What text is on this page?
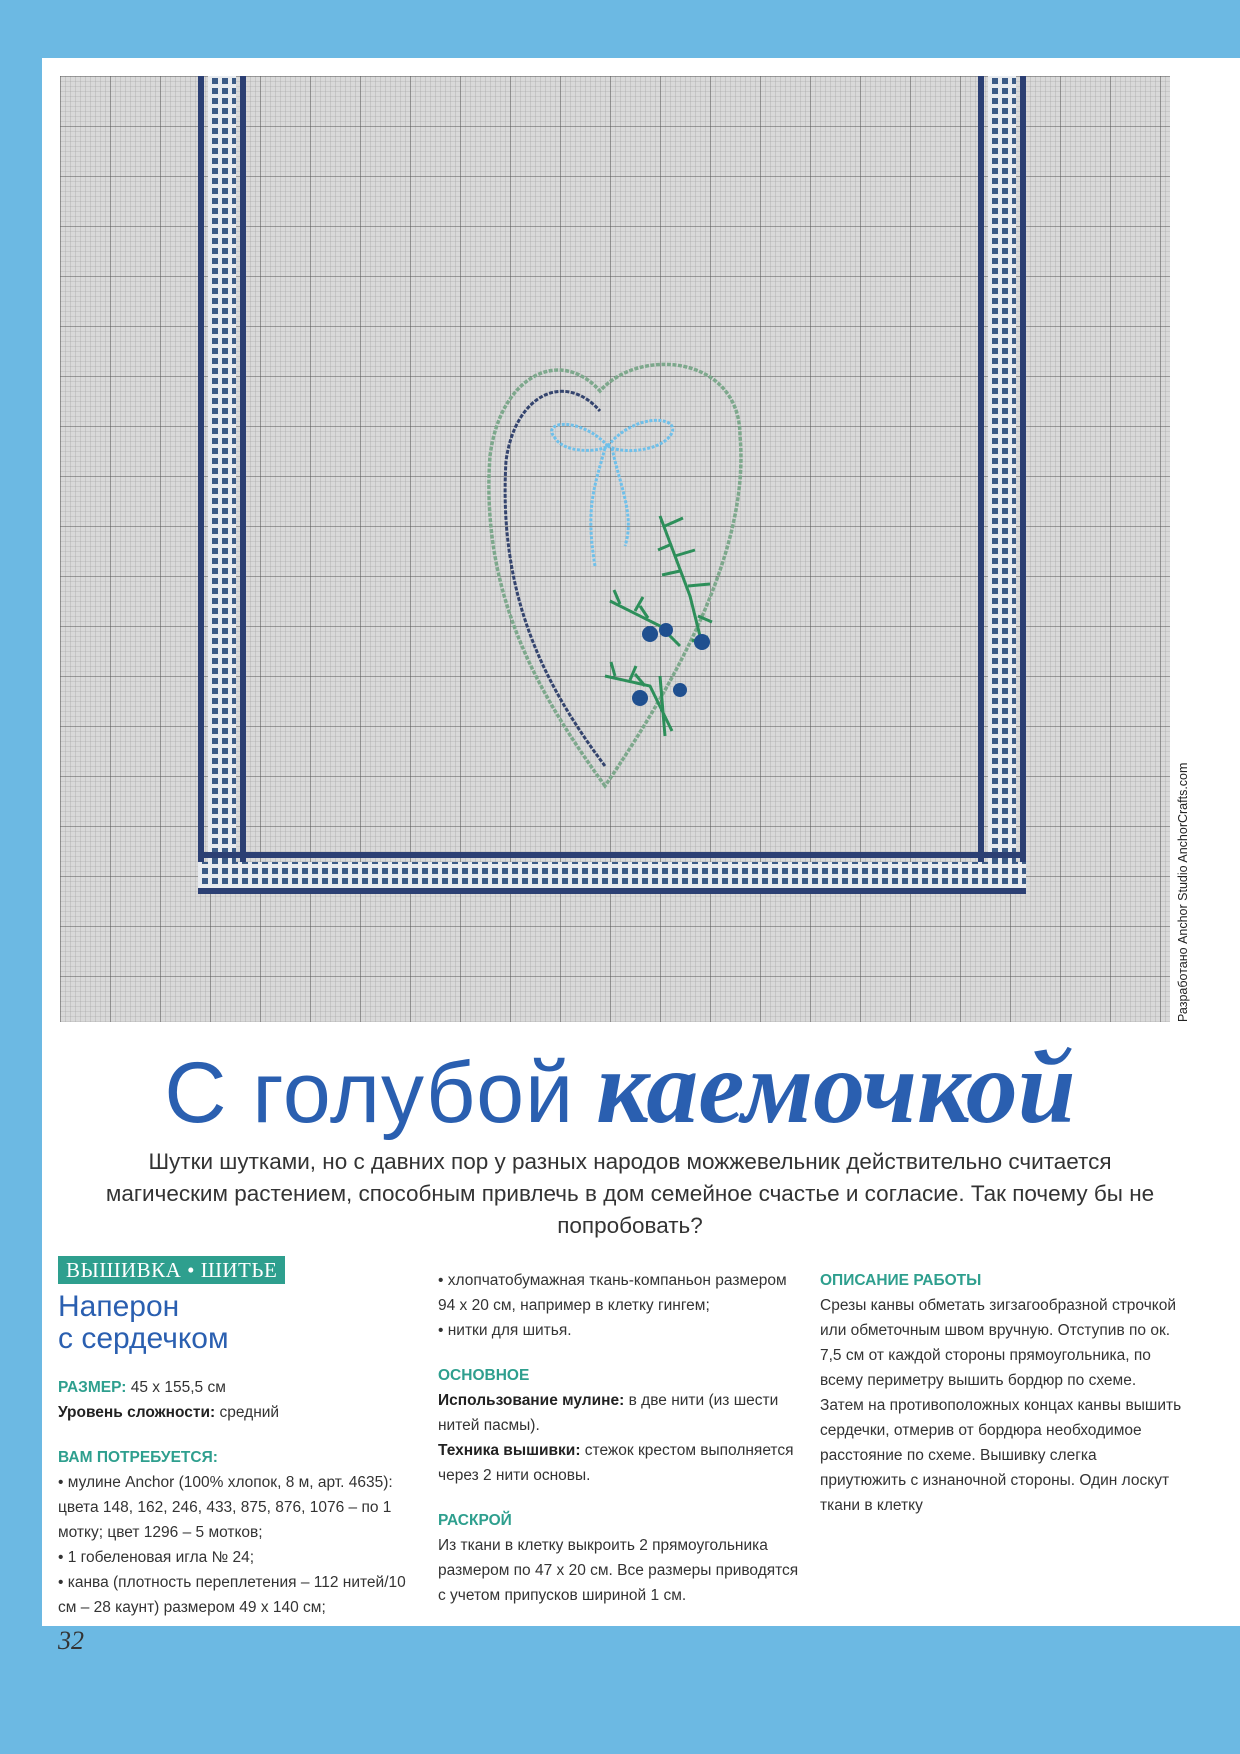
Разработано Anchor Studio AnchorCrafts.com
С голубой каемочкой
Шутки шутками, но с давних пор у разных народов можжевельник действительно считается магическим растением, способным привлечь в дом семейное счастье и согласие. Так почему бы не попробовать?
ВЫШИВКА • ШИТЬЕ
Наперон
с сердечком
РАЗМЕР: 45 x 155,5 см
Уровень сложности: средний
ВАМ ПОТРЕБУЕТСЯ:
• мулине Anchor (100% хлопок, 8 м, арт. 4635): цвета 148, 162, 246, 433, 875, 876, 1076 – по 1 мотку; цвет 1296 – 5 мотков;
• 1 гобеленовая игла № 24;
• канва (плотность переплетения – 112 нитей/10 см – 28 каунт) размером 49 x 140 см;
• хлопчатобумажная ткань-компаньон размером 94 x 20 см, например в клетку гингем;
• нитки для шитья.
ОСНОВНОЕ
Использование мулине: в две нити (из шести нитей пасмы).
Техника вышивки: стежок крестом выполняется через 2 нити основы.
РАСКРОЙ
Из ткани в клетку выкроить 2 прямоугольника размером по 47 x 20 см. Все размеры приводятся с учетом припусков шириной 1 см.
ОПИСАНИЕ РАБОТЫ
Срезы канвы обметать зигзагообразной строчкой или обметочным швом вручную. Отступив по ок. 7,5 см от каждой стороны прямоугольника, по всему периметру вышить бордюр по схеме. Затем на противоположных концах канвы вышить сердечки, отмерив от бордюра необходимое расстояние по схеме. Вышивку слегка приутюжить с изнаночной стороны. Один лоскут ткани в клетку
32
